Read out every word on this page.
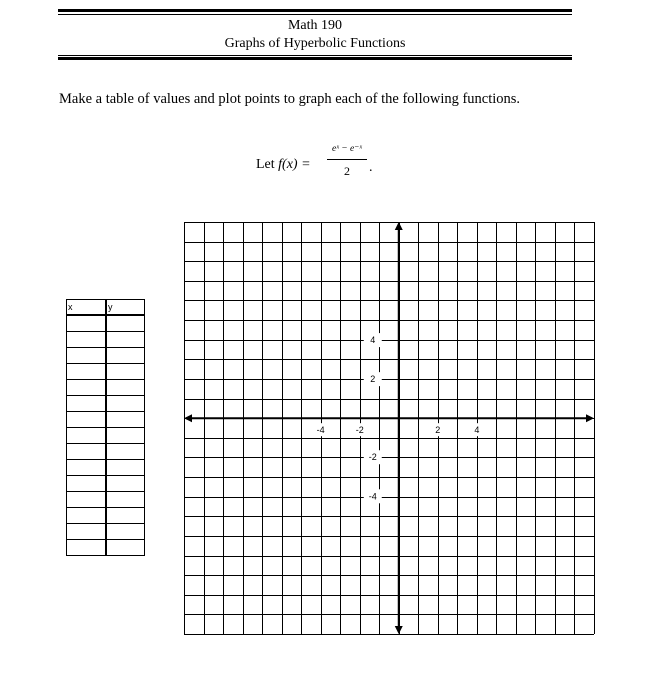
Math 190
Graphs of Hyperbolic Functions
Make a table of values and plot points to graph each of the following functions.
Let f(x) =
eˣ − e⁻ˣ
2	.
x	y
-4	-2	2	4
4
2
-2
-4
